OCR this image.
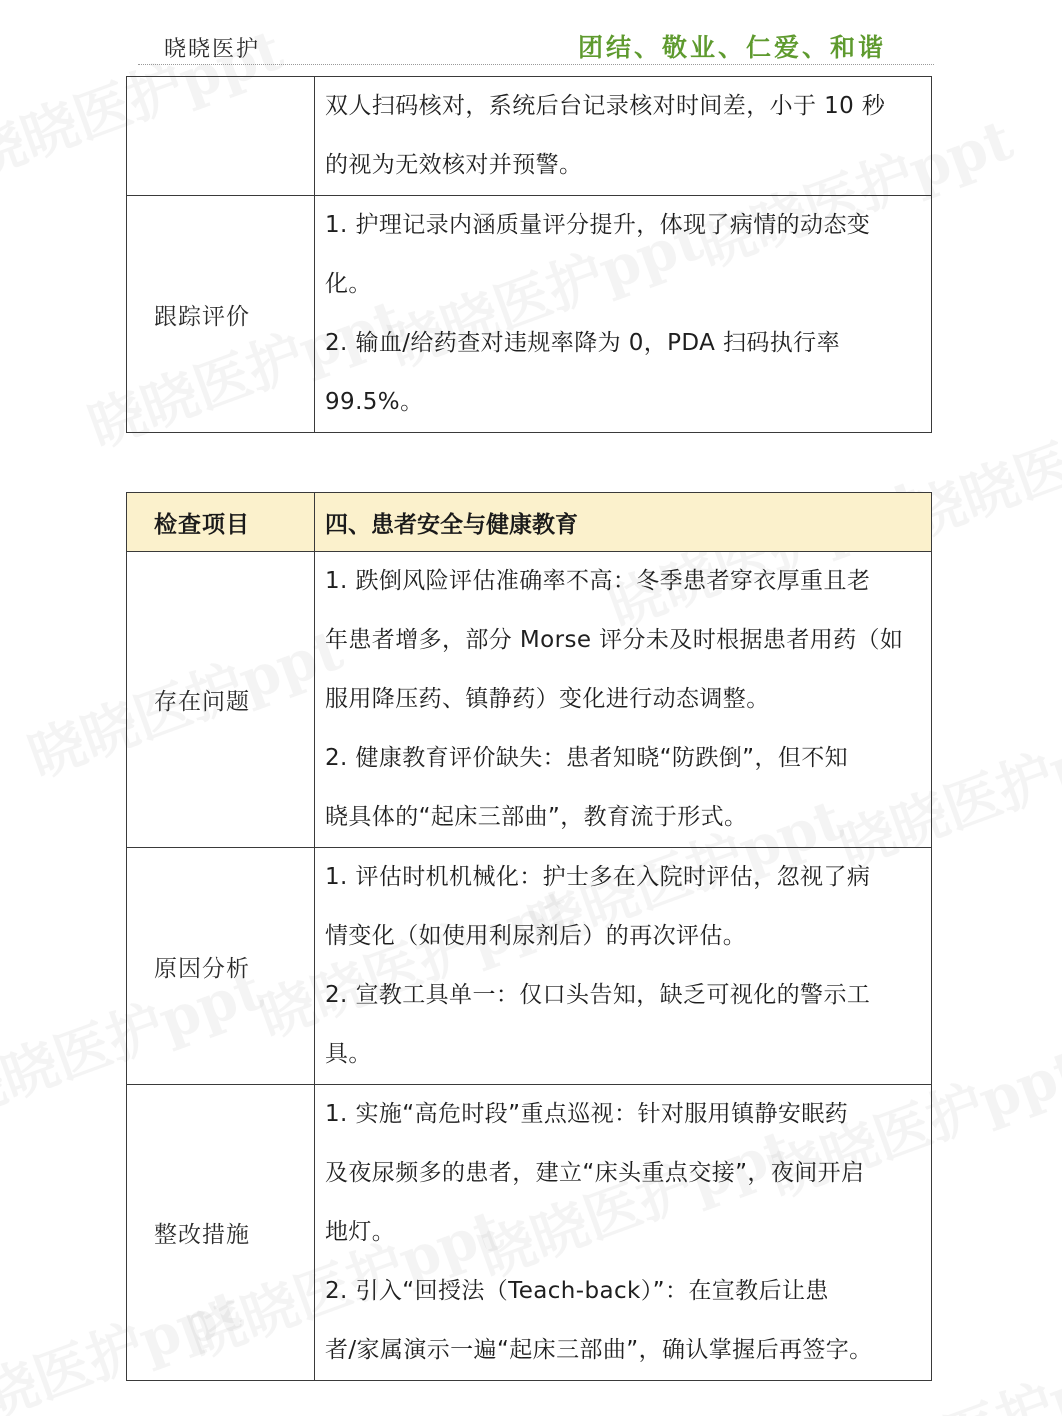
晓晓医护	团结、敬业、仁爱、和谐

	双人扫码核对，系统后台记录核对时间差，小于 10 秒
的视为无效核对并预警。

跟踪评价	1. 护理记录内涵质量评分提升，体现了病情的动态变
化。
2. 输血/给药查对违规率降为 0，PDA 扫码执行率
99.5%。
检查项目	四、患者安全与健康教育
存在问题	1. 跌倒风险评估准确率不高：冬季患者穿衣厚重且老
年患者增多，部分 Morse 评分未及时根据患者用药（如
服用降压药、镇静药）变化进行动态调整。
2. 健康教育评价缺失：患者知晓“防跌倒”，但不知
晓具体的“起床三部曲”，教育流于形式。

原因分析	1. 评估时机机械化：护士多在入院时评估，忽视了病
情变化（如使用利尿剂后）的再次评估。
2. 宣教工具单一：仅口头告知，缺乏可视化的警示工
具。

整改措施	1. 实施“高危时段”重点巡视：针对服用镇静安眠药
及夜尿频多的患者，建立“床头重点交接”，夜间开启
地灯。
2. 引入“回授法（Teach-back）”：在宣教后让患
者/家属演示一遍“起床三部曲”，确认掌握后再签字。
